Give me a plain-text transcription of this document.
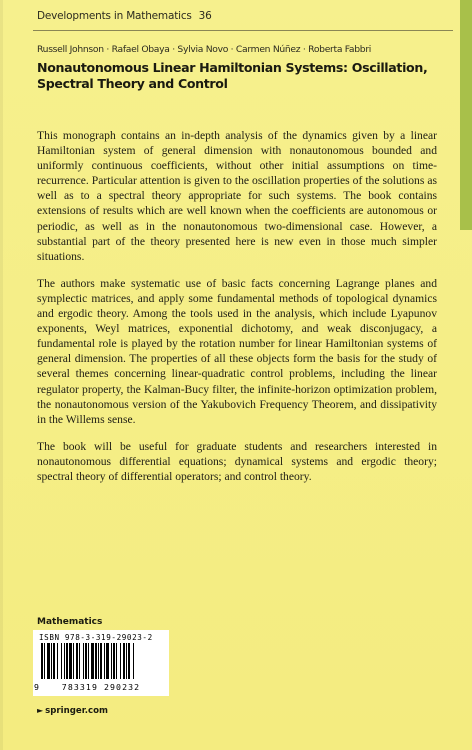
Developments in Mathematics 36
Russell Johnson · Rafael Obaya · Sylvia Novo · Carmen Núñez · Roberta Fabbri
Nonautonomous Linear Hamiltonian Systems: Oscillation, Spectral Theory and Control

This monograph contains an in-depth analysis of the dynamics given by a linear Hamiltonian system of general dimension with nonautonomous bounded and uniformly continuous coefficients, without other initial assumptions on time-recurrence. Particular attention is given to the oscillation properties of the solutions as well as to a spectral theory appropriate for such systems. The book contains extensions of results which are well known when the coefficients are autonomous or periodic, as well as in the nonautonomous two-dimensional case. However, a substantial part of the theory presented here is new even in those much simpler situations.

The authors make systematic use of basic facts concerning Lagrange planes and symplectic matrices, and apply some fundamental methods of topological dynamics and ergodic theory. Among the tools used in the analysis, which include Lyapunov exponents, Weyl matrices, exponential dichotomy, and weak disconjugacy, a fundamental role is played by the rotation number for linear Hamiltonian systems of general dimension. The properties of all these objects form the basis for the study of several themes concerning linear-quadratic control problems, including the linear regulator property, the Kalman-Bucy filter, the infinite-horizon optimization problem, the nonautonomous version of the Yakubovich Frequency Theorem, and dissipativity in the Willems sense.

The book will be useful for graduate students and researchers interested in nonautonomous differential equations; dynamical systems and ergodic theory; spectral theory of differential operators; and control theory.

Mathematics
ISBN 978-3-319-29023-2
9	783319 290232
► springer.com
